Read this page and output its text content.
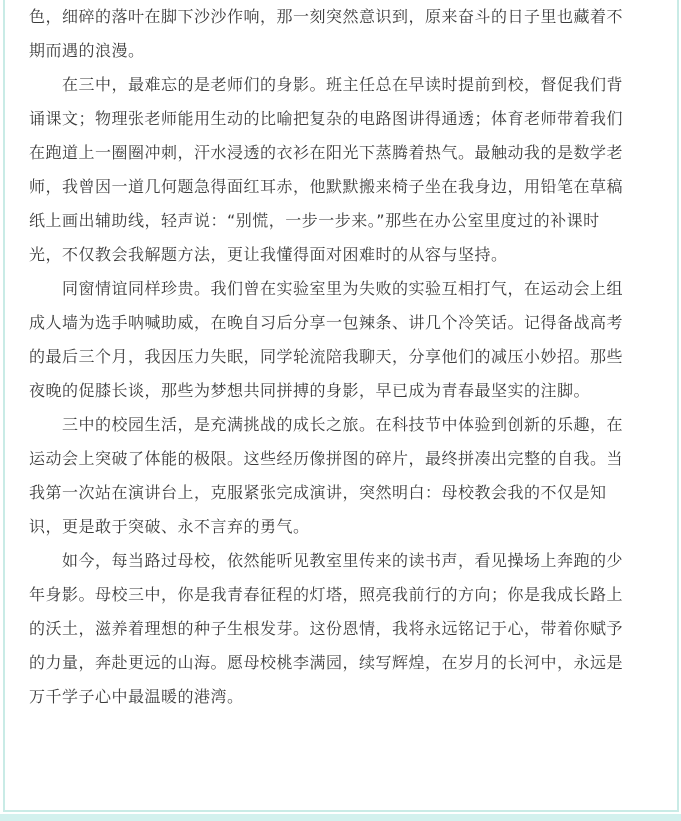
色，细碎的落叶在脚下沙沙作响，那一刻突然意识到，原来奋斗的日子里也藏着不
期而遇的浪漫。
在三中，最难忘的是老师们的身影。班主任总在早读时提前到校，督促我们背
诵课文；物理张老师能用生动的比喻把复杂的电路图讲得通透；体育老师带着我们
在跑道上一圈圈冲刺，汗水浸透的衣衫在阳光下蒸腾着热气。最触动我的是数学老
师，我曾因一道几何题急得面红耳赤，他默默搬来椅子坐在我身边，用铅笔在草稿
纸上画出辅助线，轻声说：“别慌，一步一步来。”那些在办公室里度过的补课时
光，不仅教会我解题方法，更让我懂得面对困难时的从容与坚持。
同窗情谊同样珍贵。我们曾在实验室里为失败的实验互相打气，在运动会上组
成人墙为选手呐喊助威，在晚自习后分享一包辣条、讲几个冷笑话。记得备战高考
的最后三个月，我因压力失眠，同学轮流陪我聊天，分享他们的减压小妙招。那些
夜晚的促膝长谈，那些为梦想共同拼搏的身影，早已成为青春最坚实的注脚。
三中的校园生活，是充满挑战的成长之旅。在科技节中体验到创新的乐趣，在
运动会上突破了体能的极限。这些经历像拼图的碎片，最终拼凑出完整的自我。当
我第一次站在演讲台上，克服紧张完成演讲，突然明白：母校教会我的不仅是知
识，更是敢于突破、永不言弃的勇气。
如今，每当路过母校，依然能听见教室里传来的读书声，看见操场上奔跑的少
年身影。母校三中，你是我青春征程的灯塔，照亮我前行的方向；你是我成长路上
的沃土，滋养着理想的种子生根发芽。这份恩情，我将永远铭记于心，带着你赋予
的力量，奔赴更远的山海。愿母校桃李满园，续写辉煌，在岁月的长河中，永远是
万千学子心中最温暖的港湾。
